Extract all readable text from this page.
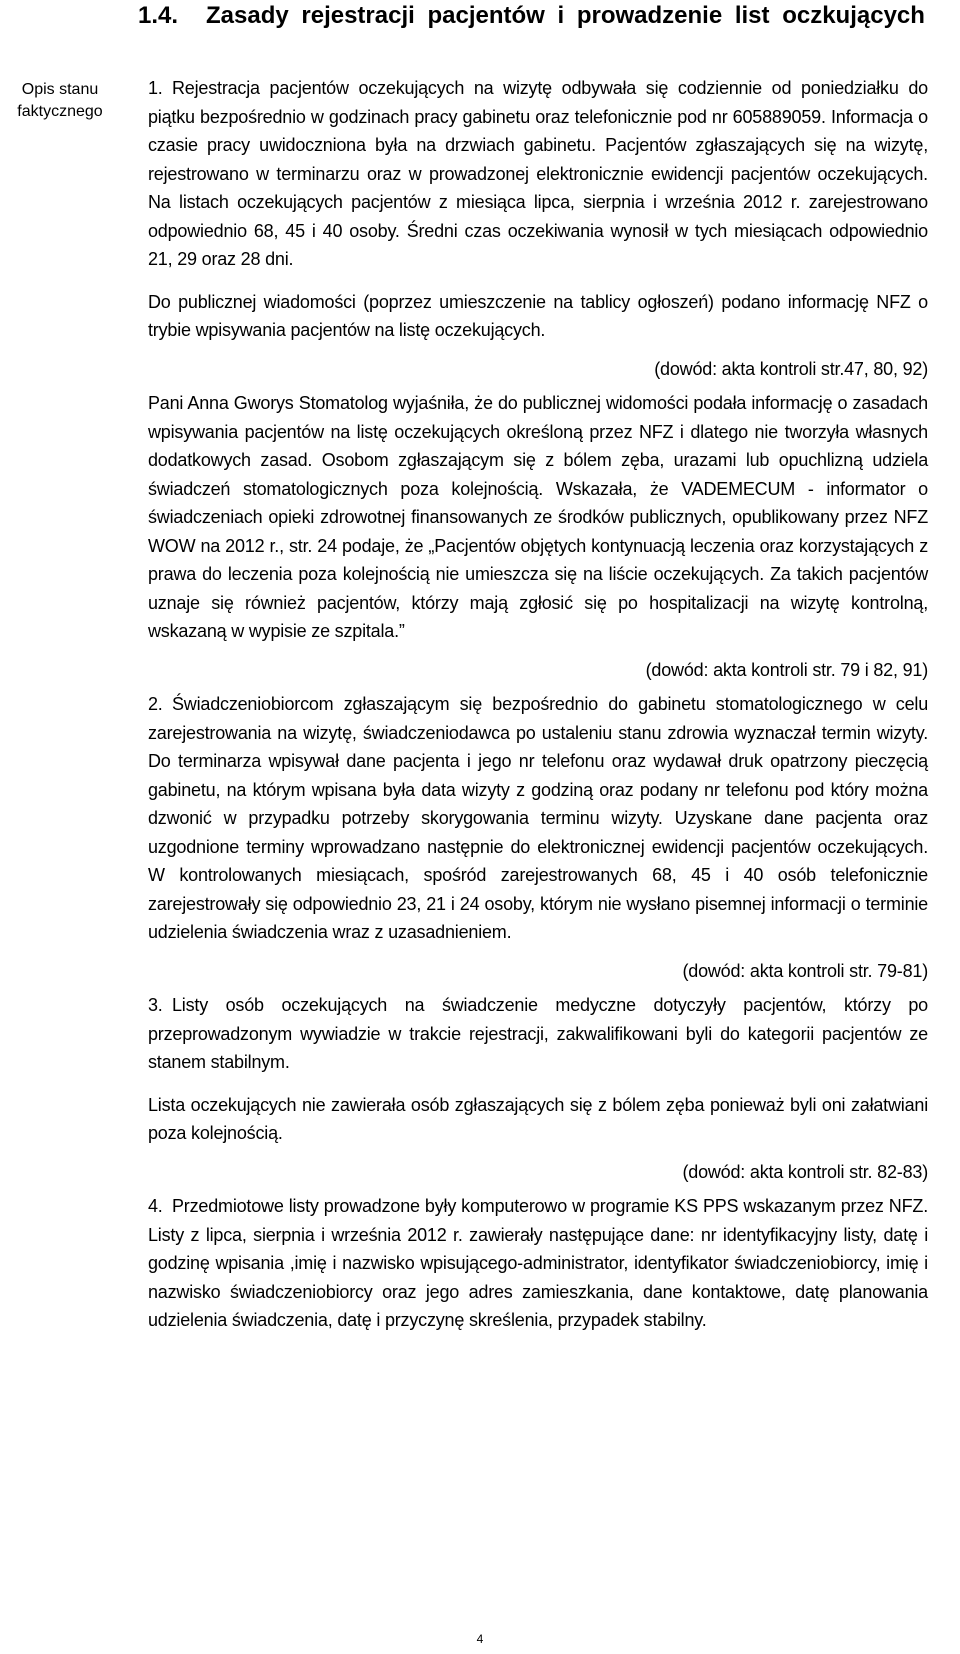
Opis stanu
faktycznego
1.4.	Zasady rejestracji pacjentów i prowadzenie list oczkujących

1. Rejestracja pacjentów oczekujących na wizytę odbywała się codziennie od poniedziałku do piątku bezpośrednio w godzinach pracy gabinetu oraz telefonicznie pod nr 605889059. Informacja o czasie pracy uwidoczniona była na drzwiach gabinetu. Pacjentów zgłaszających się na wizytę, rejestrowano w terminarzu oraz w prowadzonej elektronicznie ewidencji pacjentów oczekujących. Na listach oczekujących pacjentów z miesiąca lipca, sierpnia i września 2012 r. zarejestrowano odpowiednio 68, 45 i 40 osoby. Średni czas oczekiwania wynosił w tych miesiącach odpowiednio 21, 29 oraz 28 dni.

Do publicznej wiadomości (poprzez umieszczenie na tablicy ogłoszeń) podano informację NFZ o trybie wpisywania pacjentów na listę oczekujących.

(dowód: akta kontroli str.47, 80, 92)

Pani Anna Gworys Stomatolog wyjaśniła, że do publicznej widomości podała informację o zasadach wpisywania pacjentów na listę oczekujących określoną przez NFZ i dlatego nie tworzyła własnych dodatkowych zasad. Osobom zgłaszającym się z bólem zęba, urazami lub opuchlizną udziela świadczeń stomatologicznych poza kolejnością. Wskazała, że VADEMECUM - informator o świadczeniach opieki zdrowotnej finansowanych ze środków publicznych, opublikowany przez NFZ WOW na 2012 r., str. 24 podaje, że „Pacjentów objętych kontynuacją leczenia oraz korzystających z prawa do leczenia poza kolejnością nie umieszcza się na liście oczekujących. Za takich pacjentów uznaje się również pacjentów, którzy mają zgłosić się po hospitalizacji na wizytę kontrolną, wskazaną w wypisie ze szpitala.”

(dowód: akta kontroli str. 79 i 82, 91)

2. Świadczeniobiorcom zgłaszającym się bezpośrednio do gabinetu stomatologicznego w celu zarejestrowania na wizytę, świadczeniodawca po ustaleniu stanu zdrowia wyznaczał termin wizyty. Do terminarza wpisywał dane pacjenta i jego nr telefonu oraz wydawał druk opatrzony pieczęcią gabinetu, na którym wpisana była data wizyty z godziną oraz podany nr telefonu pod który można dzwonić w przypadku potrzeby skorygowania terminu wizyty. Uzyskane dane pacjenta oraz uzgodnione terminy wprowadzano następnie do elektronicznej ewidencji pacjentów oczekujących. W kontrolowanych miesiącach, spośród zarejestrowanych 68, 45 i 40 osób telefonicznie zarejestrowały się odpowiednio 23, 21 i 24 osoby, którym nie wysłano pisemnej informacji o terminie udzielenia świadczenia wraz z uzasadnieniem.

(dowód: akta kontroli str. 79-81)

3. Listy osób oczekujących na świadczenie medyczne dotyczyły pacjentów, którzy po przeprowadzonym wywiadzie w trakcie rejestracji, zakwalifikowani byli do kategorii pacjentów ze stanem stabilnym.

Lista oczekujących nie zawierała osób zgłaszających się z bólem zęba ponieważ byli oni załatwiani poza kolejnością.

(dowód: akta kontroli str. 82-83)

4. Przedmiotowe listy prowadzone były komputerowo w programie KS PPS wskazanym przez NFZ. Listy z lipca, sierpnia i września 2012 r. zawierały następujące dane: nr identyfikacyjny listy, datę i godzinę wpisania ,imię i nazwisko wpisującego-administrator, identyfikator świadczeniobiorcy, imię i nazwisko świadczeniobiorcy oraz jego adres zamieszkania, dane kontaktowe, datę planowania udzielenia świadczenia, datę i przyczynę skreślenia, przypadek stabilny.

4
